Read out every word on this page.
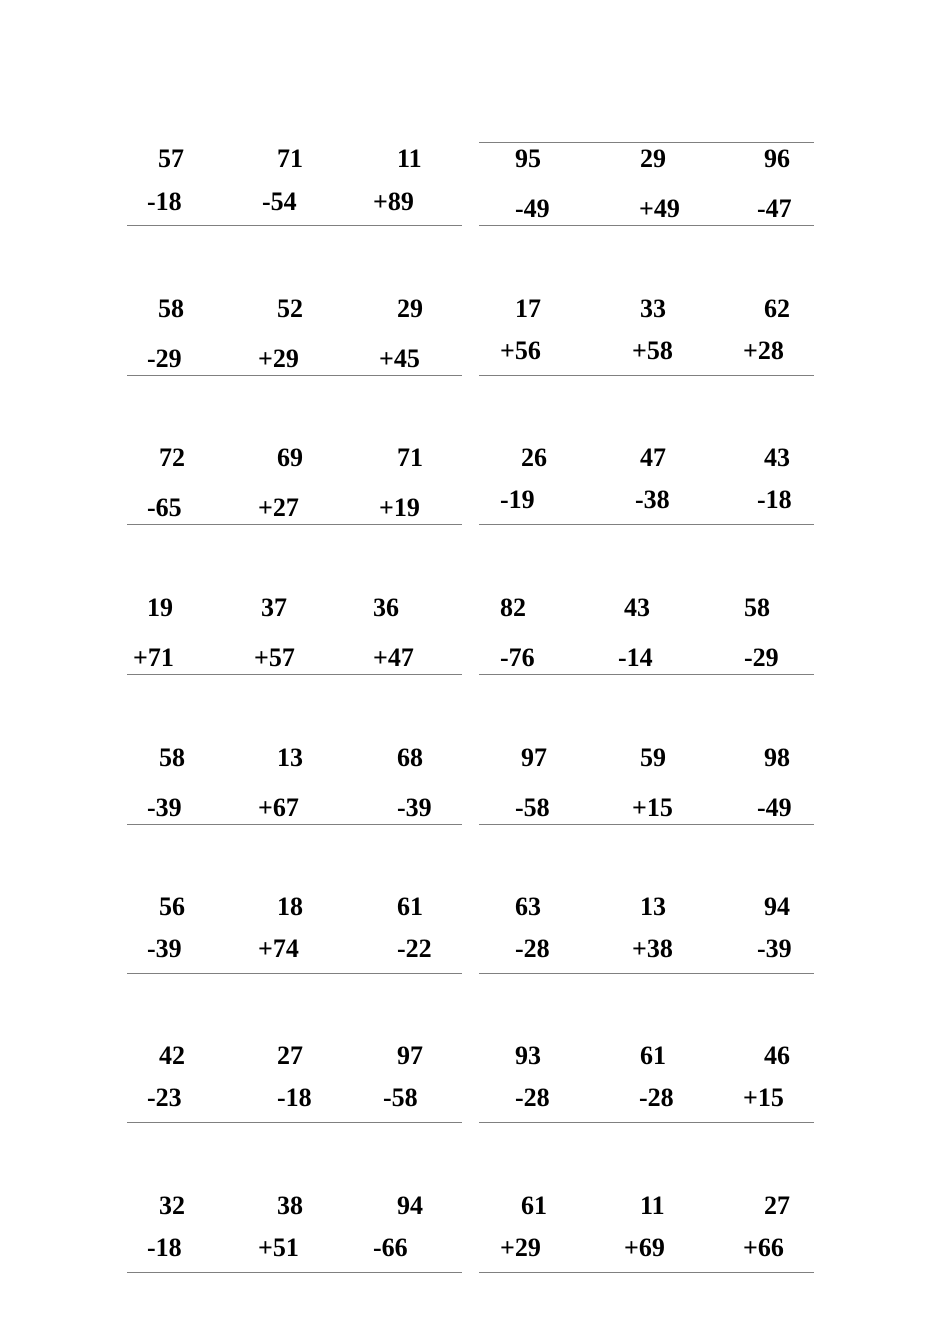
57
-18
71
-54
11
+89
95
-49
29
+49
96
-47
58
-29
52
+29
29
+45
17
+56
33
+58
62
+28
72
-65
69
+27
71
+19
26
-19
47
-38
43
-18
19
+71
37
+57
36
+47
82
-76
43
-14
58
-29
58
-39
13
+67
68
-39
97
-58
59
+15
98
-49
56
-39
18
+74
61
-22
63
-28
13
+38
94
-39
42
-23
27
-18
97
-58
93
-28
61
-28
46
+15
32
-18
38
+51
94
-66
61
+29
11
+69
27
+66
